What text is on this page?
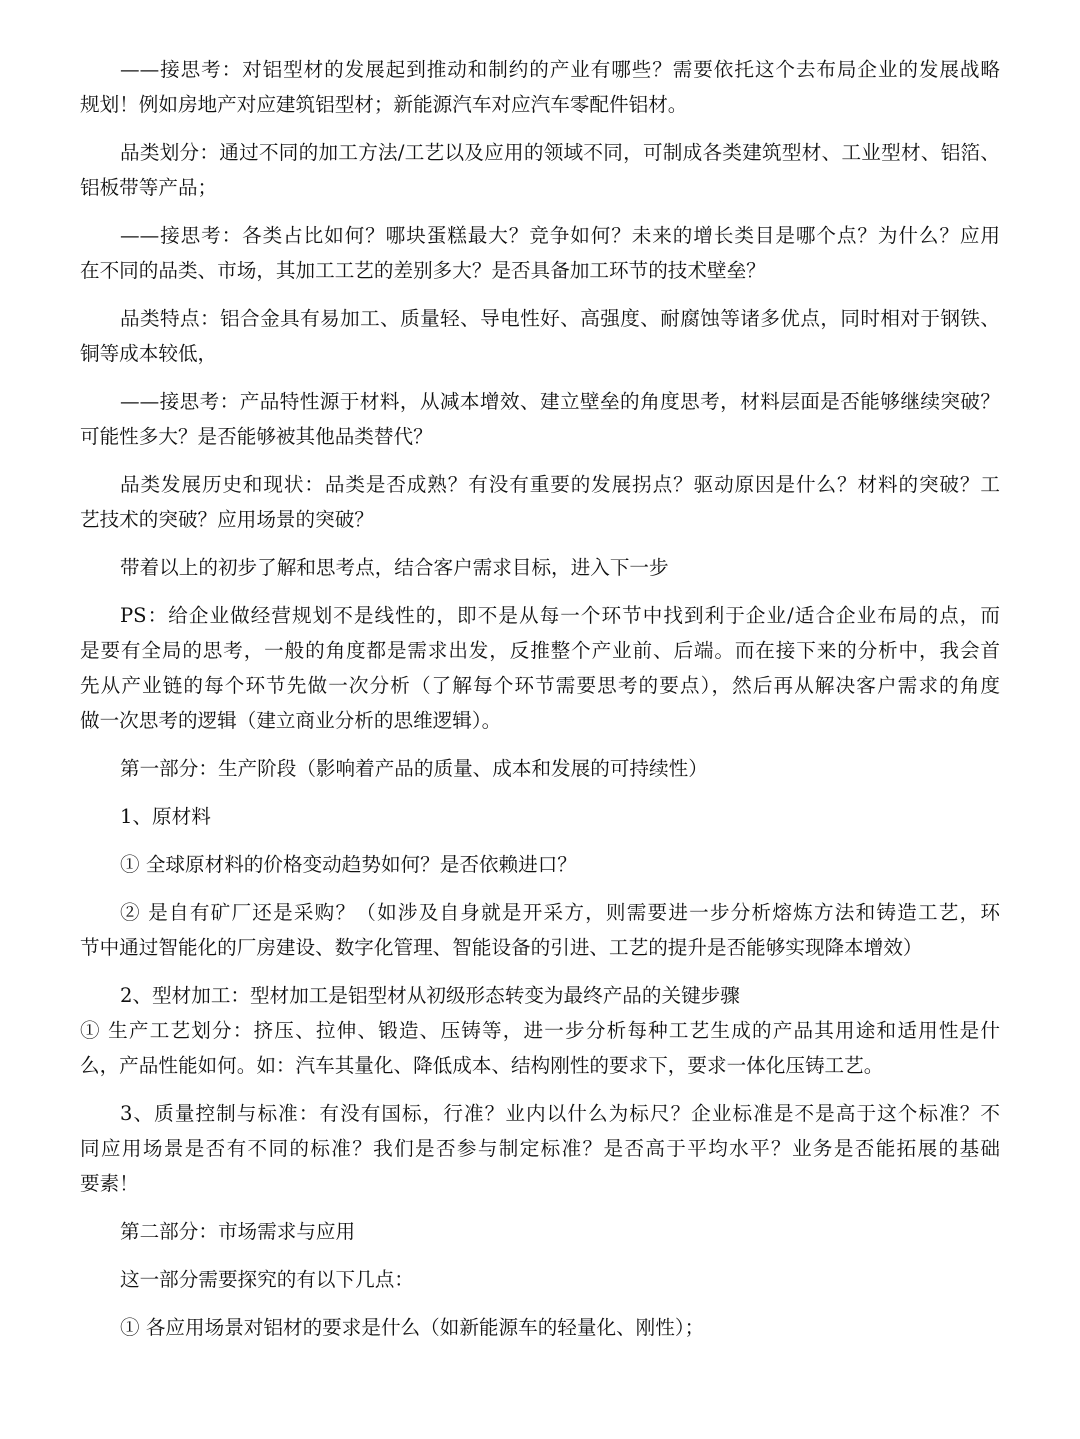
——接思考：对铝型材的发展起到推动和制约的产业有哪些？需要依托这个去布局企业的发展战略
规划！例如房地产对应建筑铝型材；新能源汽车对应汽车零配件铝材。
品类划分：通过不同的加工方法/工艺以及应用的领域不同，可制成各类建筑型材、工业型材、铝箔、
铝板带等产品；
——接思考：各类占比如何？哪块蛋糕最大？竞争如何？未来的增长类目是哪个点？为什么？应用
在不同的品类、市场，其加工工艺的差别多大？是否具备加工环节的技术壁垒？
品类特点：铝合金具有易加工、质量轻、导电性好、高强度、耐腐蚀等诸多优点，同时相对于钢铁、
铜等成本较低，
——接思考：产品特性源于材料，从减本增效、建立壁垒的角度思考，材料层面是否能够继续突破？
可能性多大？是否能够被其他品类替代？
品类发展历史和现状：品类是否成熟？有没有重要的发展拐点？驱动原因是什么？材料的突破？工
艺技术的突破？应用场景的突破？
带着以上的初步了解和思考点，结合客户需求目标，进入下一步
PS：给企业做经营规划不是线性的，即不是从每一个环节中找到利于企业/适合企业布局的点，而
是要有全局的思考，一般的角度都是需求出发，反推整个产业前、后端。而在接下来的分析中，我会首
先从产业链的每个环节先做一次分析（了解每个环节需要思考的要点），然后再从解决客户需求的角度
做一次思考的逻辑（建立商业分析的思维逻辑）。
第一部分：生产阶段（影响着产品的质量、成本和发展的可持续性）
1、原材料
① 全球原材料的价格变动趋势如何？是否依赖进口？
② 是自有矿厂还是采购？（如涉及自身就是开采方，则需要进一步分析熔炼方法和铸造工艺，环
节中通过智能化的厂房建设、数字化管理、智能设备的引进、工艺的提升是否能够实现降本增效）
2、型材加工：型材加工是铝型材从初级形态转变为最终产品的关键步骤
① 生产工艺划分：挤压、拉伸、锻造、压铸等，进一步分析每种工艺生成的产品其用途和适用性是什
么，产品性能如何。如：汽车其量化、降低成本、结构刚性的要求下，要求一体化压铸工艺。
3、质量控制与标准：有没有国标，行准？业内以什么为标尺？企业标准是不是高于这个标准？不
同应用场景是否有不同的标准？我们是否参与制定标准？是否高于平均水平？业务是否能拓展的基础
要素！
第二部分：市场需求与应用
这一部分需要探究的有以下几点：
① 各应用场景对铝材的要求是什么（如新能源车的轻量化、刚性）；
